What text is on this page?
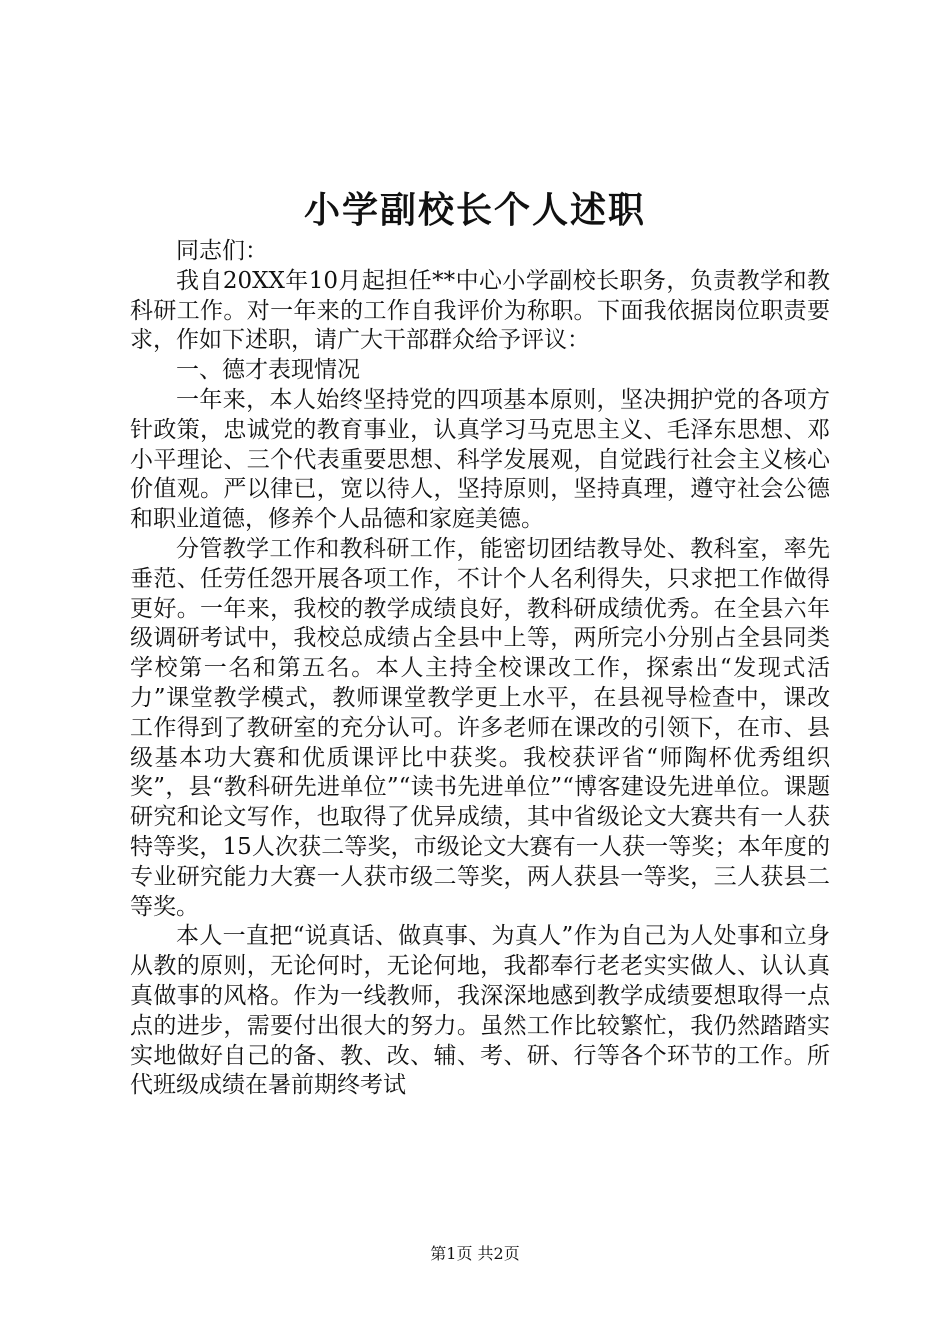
小学副校长个人述职

同志们：

我自20XX年10月起担任**中心小学副校长职务，负责教学和教科研工作。对一年来的工作自我评价为称职。下面我依据岗位职责要求，作如下述职，请广大干部群众给予评议：

一、德才表现情况

一年来，本人始终坚持党的四项基本原则，坚决拥护党的各项方针政策，忠诚党的教育事业，认真学习马克思主义、毛泽东思想、邓小平理论、三个代表重要思想、科学发展观，自觉践行社会主义核心价值观。严以律已，宽以待人，坚持原则，坚持真理，遵守社会公德和职业道德，修养个人品德和家庭美德。

分管教学工作和教科研工作，能密切团结教导处、教科室，率先垂范、任劳任怨开展各项工作，不计个人名利得失，只求把工作做得更好。一年来，我校的教学成绩良好，教科研成绩优秀。在全县六年级调研考试中，我校总成绩占全县中上等，两所完小分别占全县同类学校第一名和第五名。本人主持全校课改工作，探索出“发现式活力”课堂教学模式，教师课堂教学更上水平，在县视导检查中，课改工作得到了教研室的充分认可。许多老师在课改的引领下，在市、县级基本功大赛和优质课评比中获奖。我校获评省“师陶杯优秀组织奖”，县“教科研先进单位”“读书先进单位”“博客建设先进单位。课题研究和论文写作，也取得了优异成绩，其中省级论文大赛共有一人获特等奖，15人次获二等奖，市级论文大赛有一人获一等奖；本年度的专业研究能力大赛一人获市级二等奖，两人获县一等奖，三人获县二等奖。

本人一直把“说真话、做真事、为真人”作为自己为人处事和立身从教的原则，无论何时，无论何地，我都奉行老老实实做人、认认真真做事的风格。作为一线教师，我深深地感到教学成绩要想取得一点点的进步，需要付出很大的努力。虽然工作比较繁忙，我仍然踏踏实实地做好自己的备、教、改、辅、考、研、行等各个环节的工作。所代班级成绩在暑前期终考试

第1页 共2页
